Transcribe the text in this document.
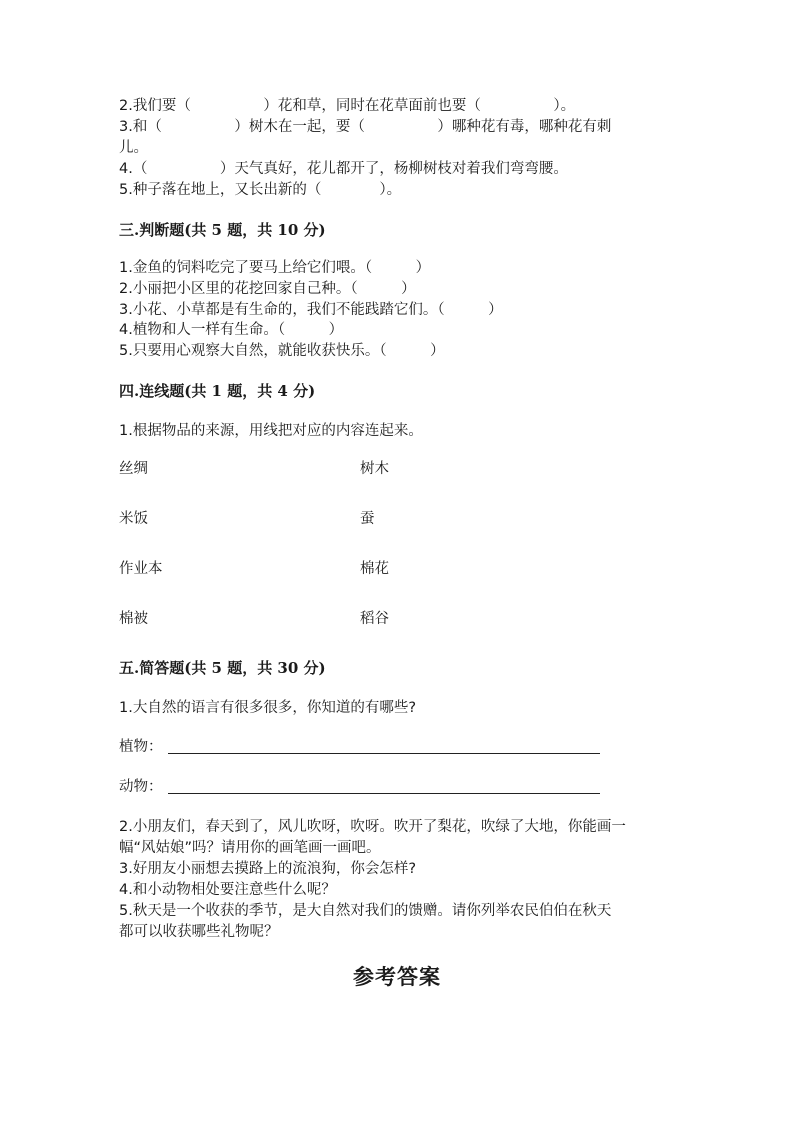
2.我们要（　　　　　）花和草，同时在花草面前也要（　　　　　）。
3.和（　　　　　）树木在一起，要（　　　　　）哪种花有毒，哪种花有刺
儿。
4.（　　　　　）天气真好，花儿都开了，杨柳树枝对着我们弯弯腰。
5.种子落在地上，又长出新的（　　　　）。
三.判断题(共 5 题，共 10 分)
1.金鱼的饲料吃完了要马上给它们喂。（　　　）
2.小丽把小区里的花挖回家自己种。（　　　）
3.小花、小草都是有生命的，我们不能践踏它们。（　　　）
4.植物和人一样有生命。（　　　）
5.只要用心观察大自然，就能收获快乐。（　　　）
四.连线题(共 1 题，共 4 分)
1.根据物品的来源，用线把对应的内容连起来。
丝绸	树木
米饭	蚕
作业本	棉花
棉被	稻谷
五.简答题(共 5 题，共 30 分)
1.大自然的语言有很多很多，你知道的有哪些?
植物：
动物：
2.小朋友们，春天到了，风儿吹呀，吹呀。吹开了梨花，吹绿了大地，你能画一
幅“风姑娘”吗？请用你的画笔画一画吧。
3.好朋友小丽想去摸路上的流浪狗，你会怎样?
4.和小动物相处要注意些什么呢？
5.秋天是一个收获的季节，是大自然对我们的馈赠。请你列举农民伯伯在秋天
都可以收获哪些礼物呢？
参考答案
